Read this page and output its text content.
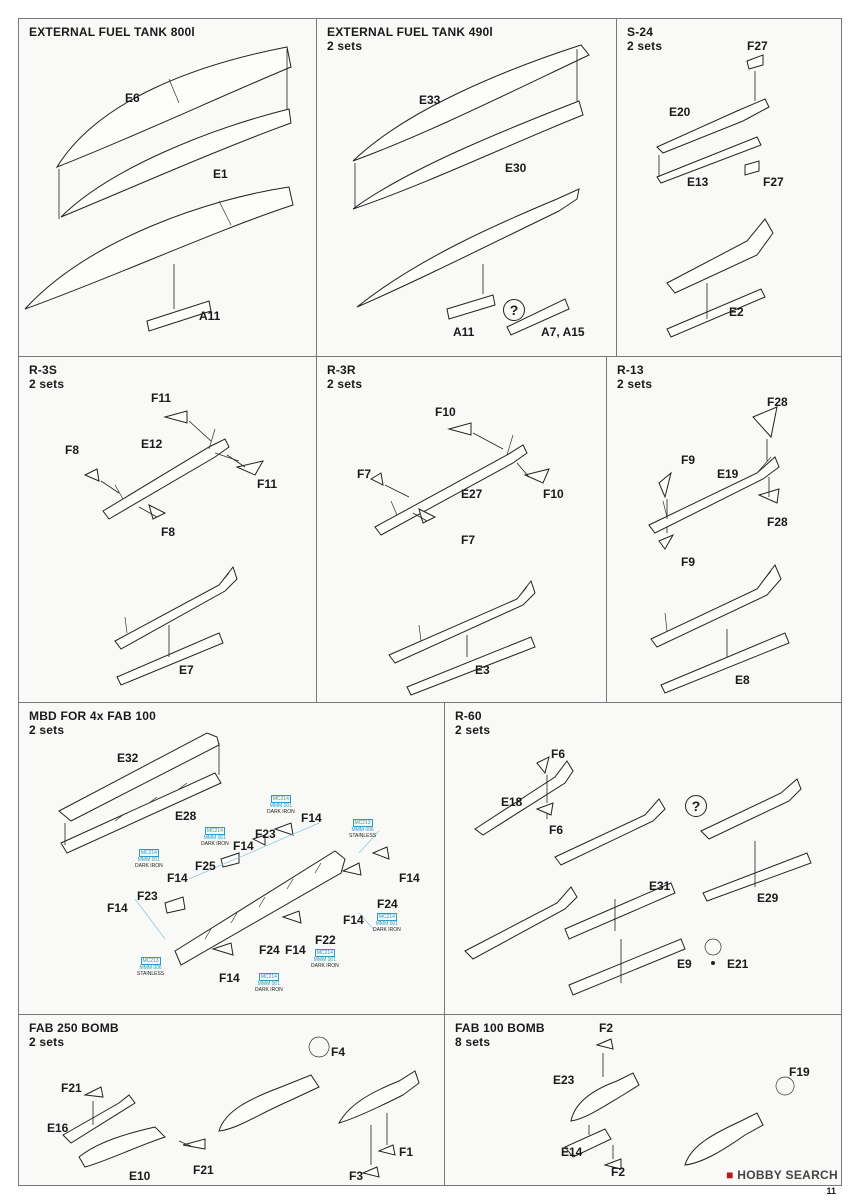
EXTERNAL FUEL TANK 800l
E6
E1
A11
EXTERNAL FUEL TANK 490l
2 sets
E33
E30
A11	A7, A15
?
S-24
2 sets	F27
E20
E13	F27
E2
R-3S
2 sets
F11
E12
F8
F11
F8
E7
R-3R
2 sets
F10
F7
E27	F10
F7
E3
R-13
2 sets
F28
F9
E19
F28
F9
E8
MBD FOR 4x FAB 100
2 sets
E32
E28	F14
F23
F14
F25
F14
F23
F14	F24
F14
F14
F24 F14
F22
F14
MC214
MMM 001
DARK IRON
MC214
MMM 001
DARK IRON
MC214
MMM 001
DARK IRON
MC213
MMM 006
STAINLESS
MC214
MMM 001
DARK IRON
MC214
MMM 001
DARK IRON
MC213
MMM 006
STAINLESS	MC214
MMM 001
DARK IRON
R-60
2 sets
F6
E18
F6
E31
E29
E9	E21
?
FAB 250 BOMB
2 sets
F21
E16
E10	F21
F4
F1
F3
FAB 100 BOMB
8 sets
F2
E23
E14
F2
F19
■ HOBBY SEARCH
11
